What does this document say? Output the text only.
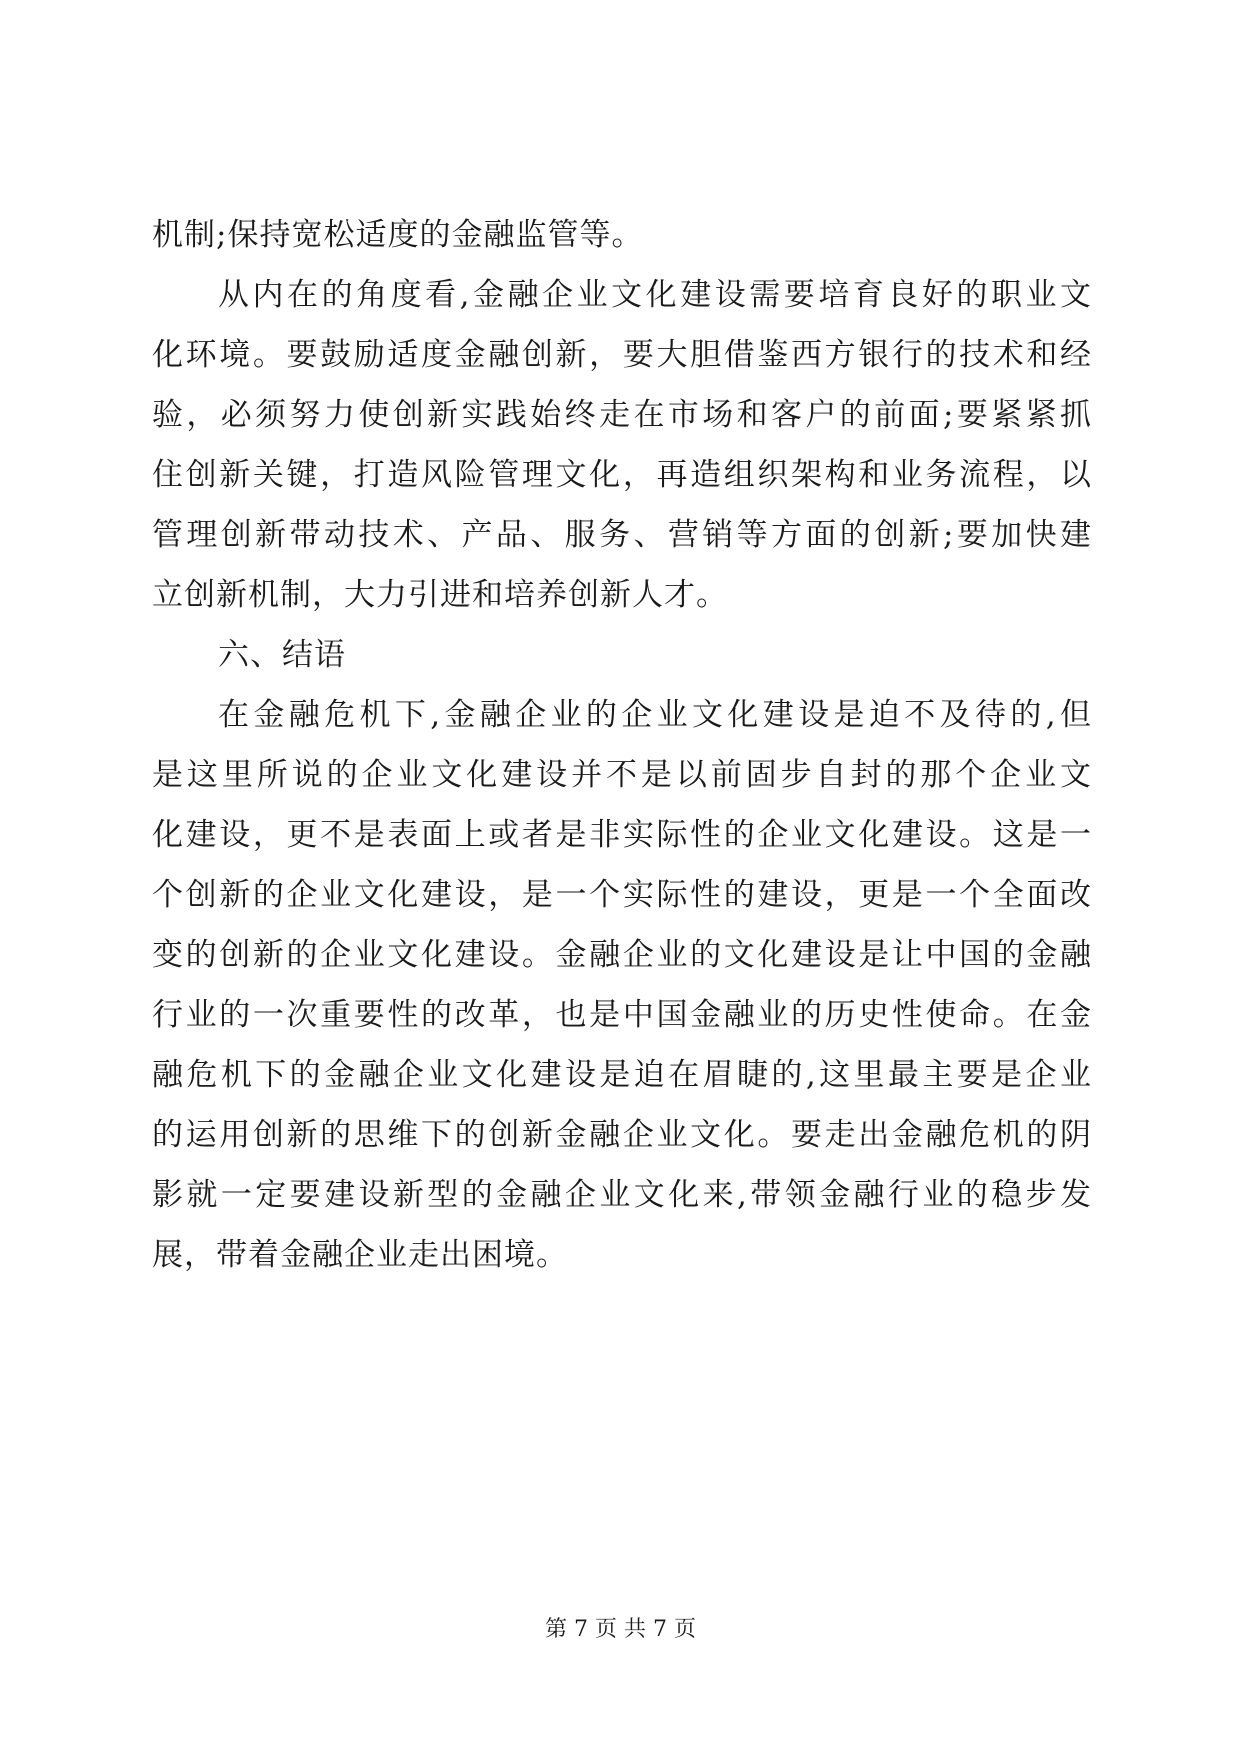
机制;保持宽松适度的金融监管等。
从内在的角度看,金融企业文化建设需要培育良好的职业文
化环境。要鼓励适度金融创新，要大胆借鉴西方银行的技术和经
验，必须努力使创新实践始终走在市场和客户的前面;要紧紧抓
住创新关键，打造风险管理文化，再造组织架构和业务流程，以
管理创新带动技术、产品、服务、营销等方面的创新;要加快建
立创新机制，大力引进和培养创新人才。
六、结语
在金融危机下,金融企业的企业文化建设是迫不及待的,但
是这里所说的企业文化建设并不是以前固步自封的那个企业文
化建设，更不是表面上或者是非实际性的企业文化建设。这是一
个创新的企业文化建设，是一个实际性的建设，更是一个全面改
变的创新的企业文化建设。金融企业的文化建设是让中国的金融
行业的一次重要性的改革，也是中国金融业的历史性使命。在金
融危机下的金融企业文化建设是迫在眉睫的,这里最主要是企业
的运用创新的思维下的创新金融企业文化。要走出金融危机的阴
影就一定要建设新型的金融企业文化来,带领金融行业的稳步发
展，带着金融企业走出困境。
第 7 页 共 7 页
